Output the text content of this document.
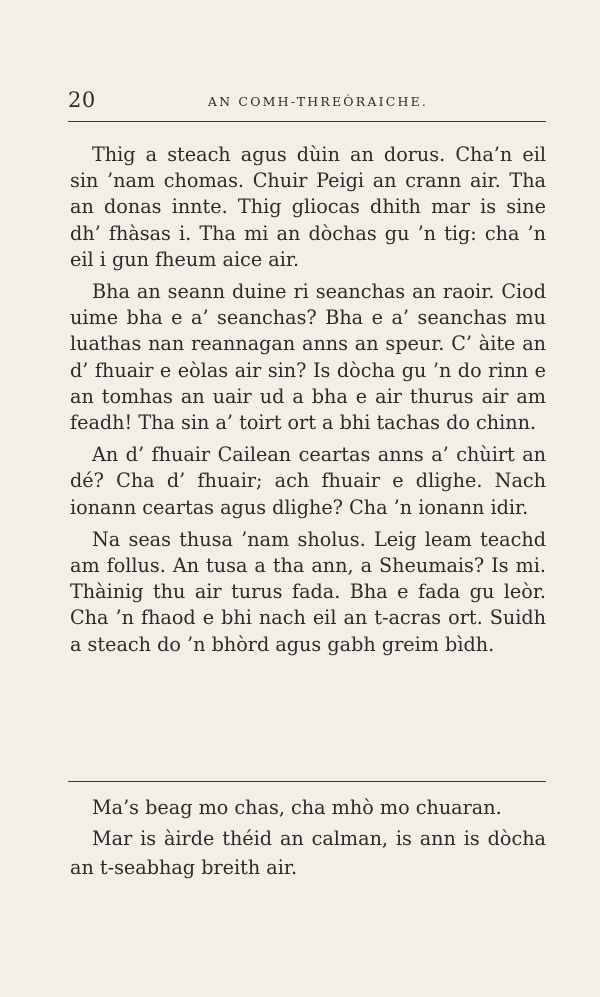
20	AN COMH-THREÒRAICHE.

Thig a steach agus dùin an dorus. Cha’n eil sin ’nam chomas. Chuir Peigi an crann air. Tha an donas innte. Thig gliocas dhith mar is sine dh’ fhàsas i. Tha mi an dòchas gu ’n tig: cha ’n eil i gun fheum aice air.

Bha an seann duine ri seanchas an raoir. Ciod uime bha e a’ seanchas? Bha e a’ seanchas mu luathas nan reannagan anns an speur. C’ àite an d’ fhuair e eòlas air sin? Is dòcha gu ’n do rinn e an tomhas an uair ud a bha e air thurus air am feadh! Tha sin a’ toirt ort a bhi tachas do chinn.

An d’ fhuair Cailean ceartas anns a’ chùirt an dé? Cha d’ fhuair; ach fhuair e dlighe. Nach ionann ceartas agus dlighe? Cha ’n ionann idir.

Na seas thusa ’nam sholus. Leig leam teachd am follus. An tusa a tha ann, a Sheumais? Is mi. Thàinig thu air turus fada. Bha e fada gu leòr. Cha ’n fhaod e bhi nach eil an t-acras ort. Suidh a steach do ’n bhòrd agus gabh greim bìdh.

Ma’s beag mo chas, cha mhò mo chuaran.

Mar is àirde théid an calman, is ann is dòcha an t-seabhag breith air.
